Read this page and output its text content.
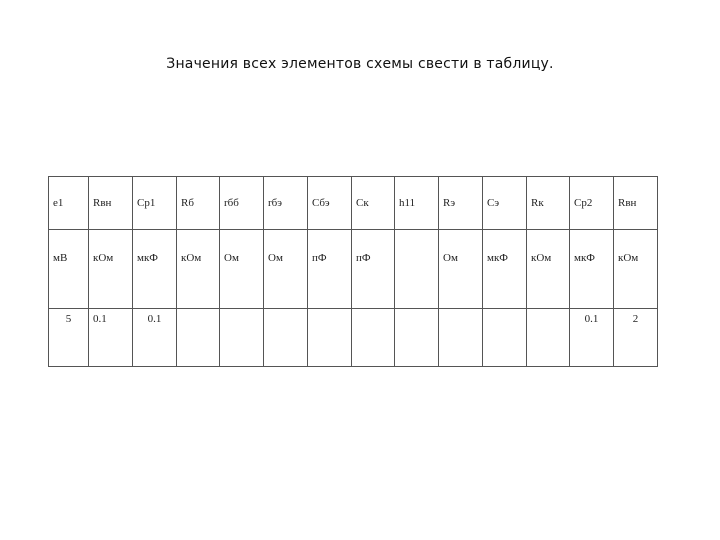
Значения всех элементов схемы свести в таблицу.
e1	Rвн	Cр1	Rб	rбб	rбэ	Cбэ	Cк	h11	Rэ	Cэ	Rк	Cр2	Rвн
мВ	кОм	мкФ	кОм	Ом	Ом	пФ	пФ		Ом	мкФ	кОм	мкФ	кОм
5	0.1	0.1										0.1	2
